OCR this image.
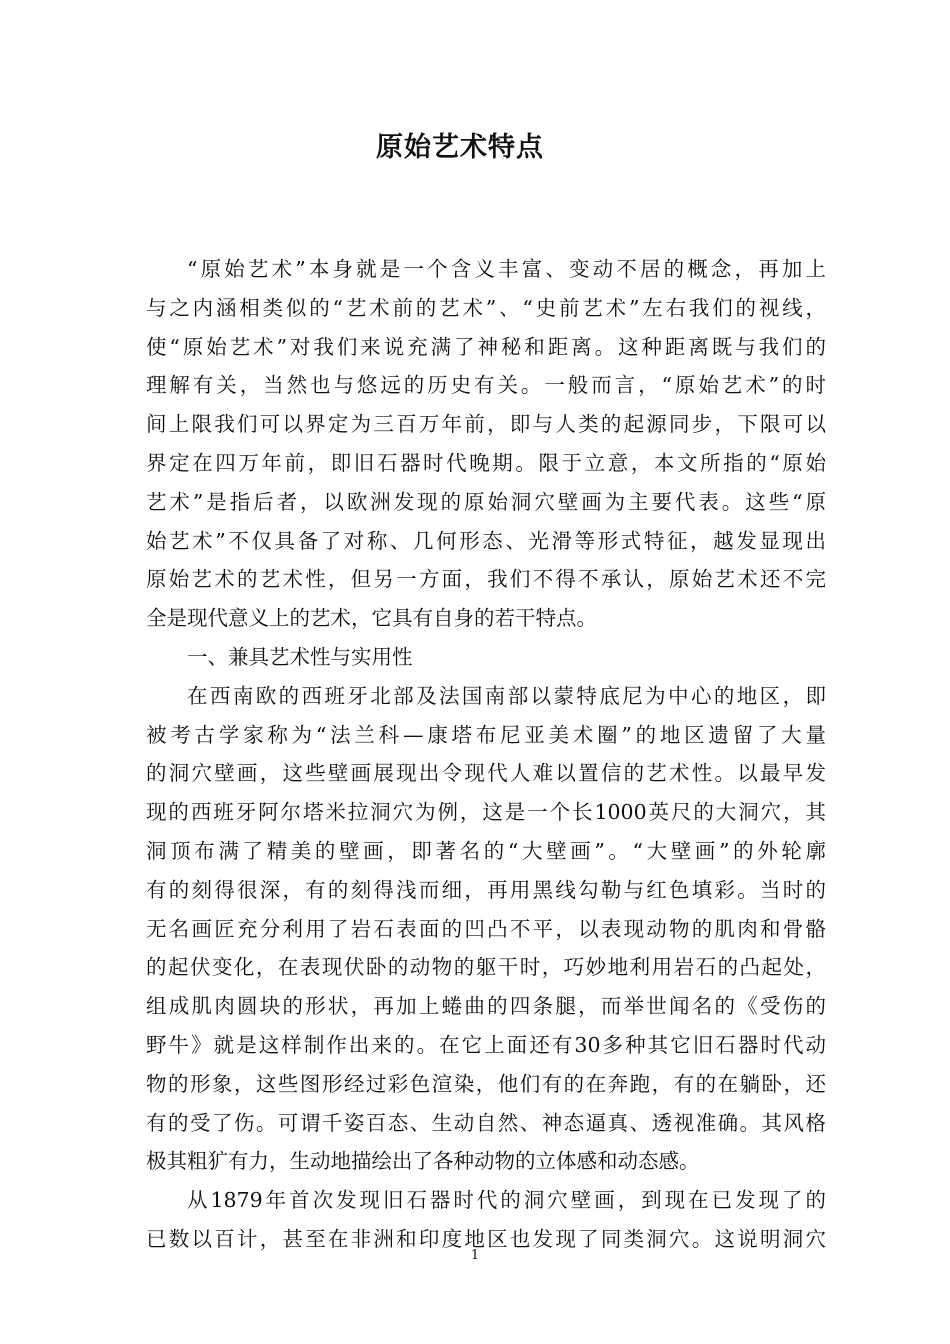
原始艺术特点
“原始艺术”本身就是一个含义丰富、变动不居的概念，再加上
与之内涵相类似的“艺术前的艺术”、“史前艺术”左右我们的视线，
使“原始艺术”对我们来说充满了神秘和距离。这种距离既与我们的
理解有关，当然也与悠远的历史有关。一般而言，“原始艺术”的时
间上限我们可以界定为三百万年前，即与人类的起源同步，下限可以
界定在四万年前，即旧石器时代晚期。限于立意，本文所指的“原始
艺术”是指后者，以欧洲发现的原始洞穴壁画为主要代表。这些“原
始艺术”不仅具备了对称、几何形态、光滑等形式特征，越发显现出
原始艺术的艺术性，但另一方面，我们不得不承认，原始艺术还不完
全是现代意义上的艺术，它具有自身的若干特点。
一、兼具艺术性与实用性
在西南欧的西班牙北部及法国南部以蒙特底尼为中心的地区，即
被考古学家称为“法兰科—康塔布尼亚美术圈”的地区遗留了大量
的洞穴壁画，这些壁画展现出令现代人难以置信的艺术性。以最早发
现的西班牙阿尔塔米拉洞穴为例，这是一个长1000英尺的大洞穴，其
洞顶布满了精美的壁画，即著名的“大壁画”。“大壁画”的外轮廓
有的刻得很深，有的刻得浅而细，再用黑线勾勒与红色填彩。当时的
无名画匠充分利用了岩石表面的凹凸不平，以表现动物的肌肉和骨骼
的起伏变化，在表现伏卧的动物的躯干时，巧妙地利用岩石的凸起处，
组成肌肉圆块的形状，再加上蜷曲的四条腿，而举世闻名的《受伤的
野牛》就是这样制作出来的。在它上面还有30多种其它旧石器时代动
物的形象，这些图形经过彩色渲染，他们有的在奔跑，有的在躺卧，还
有的受了伤。可谓千姿百态、生动自然、神态逼真、透视准确。其风格
极其粗犷有力，生动地描绘出了各种动物的立体感和动态感。
从1879年首次发现旧石器时代的洞穴壁画，到现在已发现了的
已数以百计，甚至在非洲和印度地区也发现了同类洞穴。这说明洞穴
1
